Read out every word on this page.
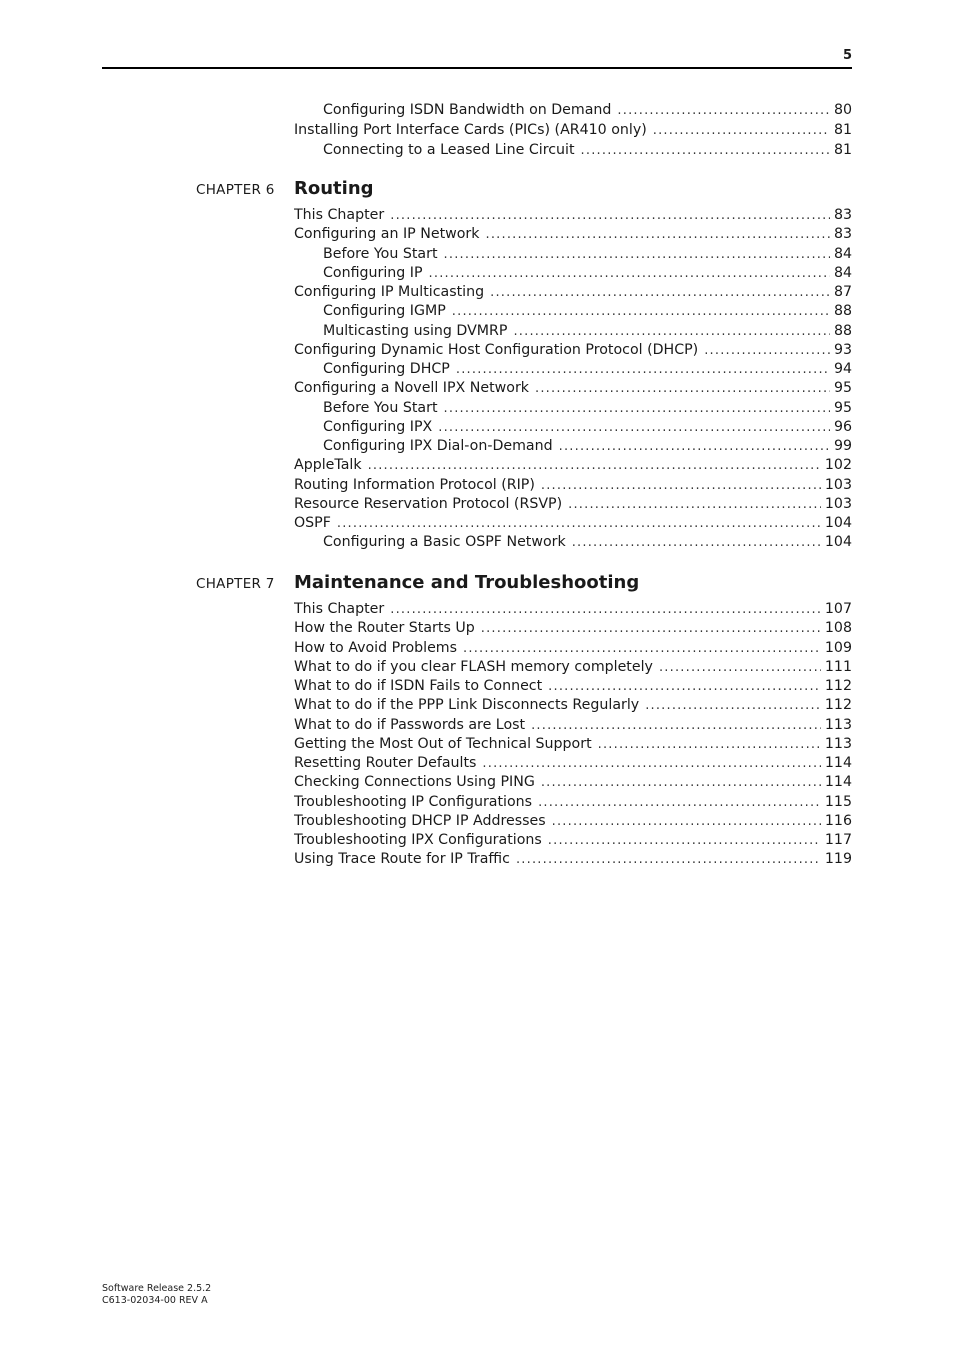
5
Configuring ISDN Bandwidth on Demand .....	80
Installing Port Interface Cards (PICs) (AR410 only) .....	81
Connecting to a Leased Line Circuit .....	81
CHAPTER 6 Routing
This Chapter .....	83
Configuring an IP Network .....	83
Before You Start .....	84
Configuring IP .....	84
Configuring IP Multicasting .....	87
Configuring IGMP .....	88
Multicasting using DVMRP .....	88
Configuring Dynamic Host Configuration Protocol (DHCP) .....	93
Configuring DHCP .....	94
Configuring a Novell IPX Network .....	95
Before You Start .....	95
Configuring IPX .....	96
Configuring IPX Dial-on-Demand .....	99
AppleTalk .....	102
Routing Information Protocol (RIP) .....	103
Resource Reservation Protocol (RSVP) .....	103
OSPF .....	104
Configuring a Basic OSPF Network .....	104
CHAPTER 7 Maintenance and Troubleshooting
This Chapter .....	107
How the Router Starts Up .....	108
How to Avoid Problems .....	109
What to do if you clear FLASH memory completely .....	111
What to do if ISDN Fails to Connect .....	112
What to do if the PPP Link Disconnects Regularly .....	112
What to do if Passwords are Lost .....	113
Getting the Most Out of Technical Support .....	113
Resetting Router Defaults .....	114
Checking Connections Using PING .....	114
Troubleshooting IP Configurations .....	115
Troubleshooting DHCP IP Addresses .....	116
Troubleshooting IPX Configurations .....	117
Using Trace Route for IP Traffic .....	119
Software Release 2.5.2
C613-02034-00 REV A
